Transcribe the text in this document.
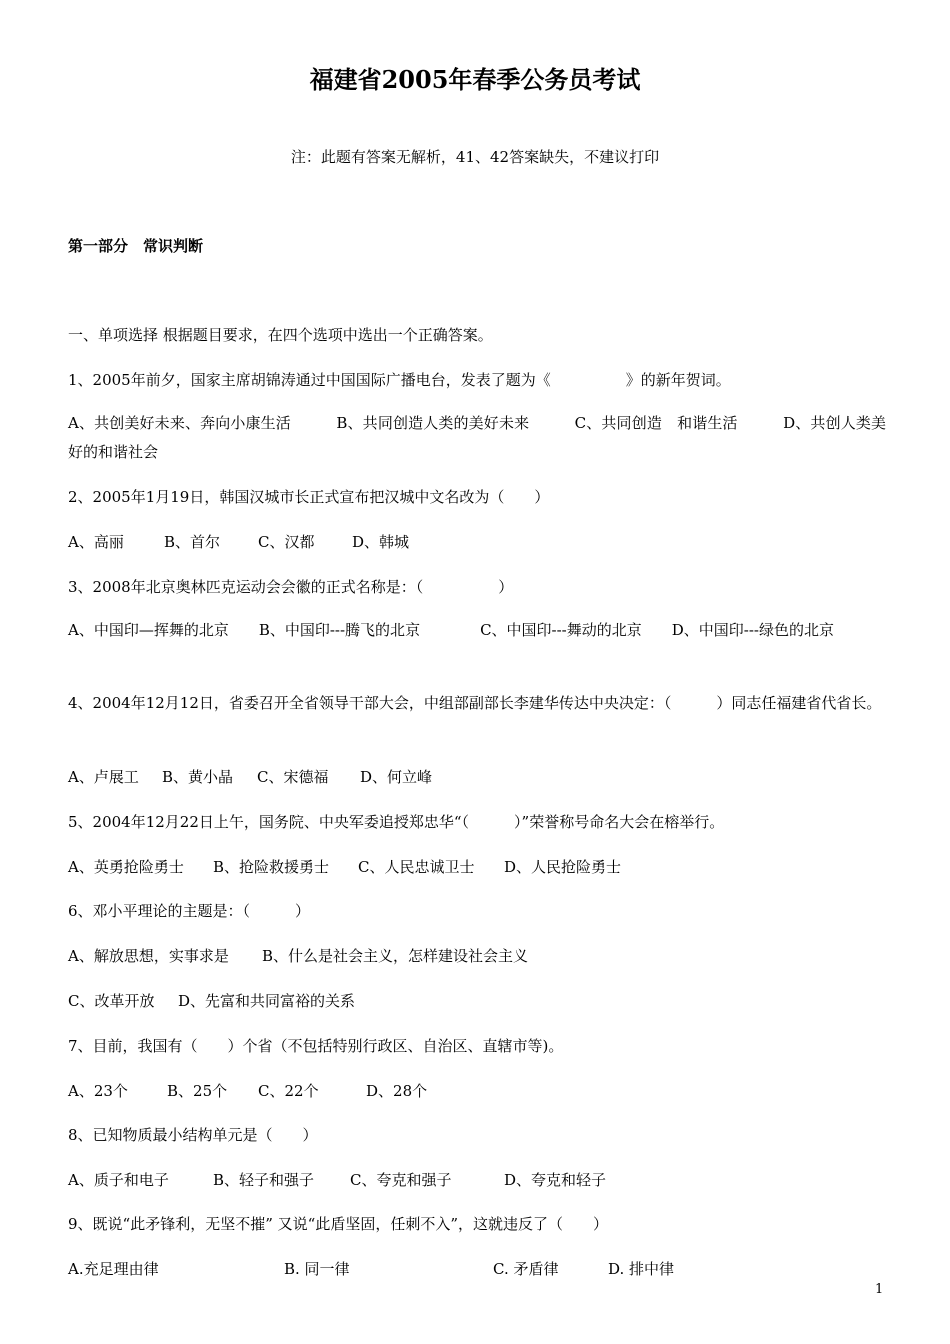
福建省2005年春季公务员考试
注：此题有答案无解析，41、42答案缺失，不建议打印
第一部分　常识判断
一、单项选择 根据题目要求，在四个选项中选出一个正确答案。
1、2005年前夕，国家主席胡锦涛通过中国国际广播电台，发表了题为《　　　　　》的新年贺词。
A、共创美好未来、奔向小康生活　　　B、共同创造人类的美好未来　　　C、共同创造　和谐生活　　　D、共创人类美好的和谐社会
2、2005年1月19日，韩国汉城市长正式宣布把汉城中文名改为（　　）
A、高丽	B、首尔	C、汉都	D、韩城
3、2008年北京奥林匹克运动会会徽的正式名称是：（　　　　　）
A、中国印—挥舞的北京　　B、中国印---腾飞的北京　　　　C、中国印---舞动的北京　　D、中国印---绿色的北京
4、2004年12月12日，省委召开全省领导干部大会，中组部副部长李建华传达中央决定：（　　　）同志任福建省代省长。
A、卢展工 B、黄小晶 C、宋德福 D、何立峰
5、2004年12月22日上午，国务院、中央军委追授郑忠华“（　　　）”荣誉称号命名大会在榕举行。
A、英勇抢险勇士 B、抢险救援勇士 C、人民忠诚卫士 D、人民抢险勇士
6、邓小平理论的主题是：（　　　）
A、解放思想，实事求是 B、什么是社会主义，怎样建设社会主义
C、改革开放 D、先富和共同富裕的关系
7、目前，我国有（　　）个省（不包括特别行政区、自治区、直辖市等)。
A、23个	B、25个 C、22个	D、28个
8、已知物质最小结构单元是（　　）
A、质子和电子	B、轻子和强子 C、夸克和强子	D、夸克和轻子
9、既说“此矛锋利，无坚不摧” 又说“此盾坚固，任刺不入”，这就违反了（　　）
A.充足理由律	B. 同一律	C. 矛盾律	D. 排中律
1
